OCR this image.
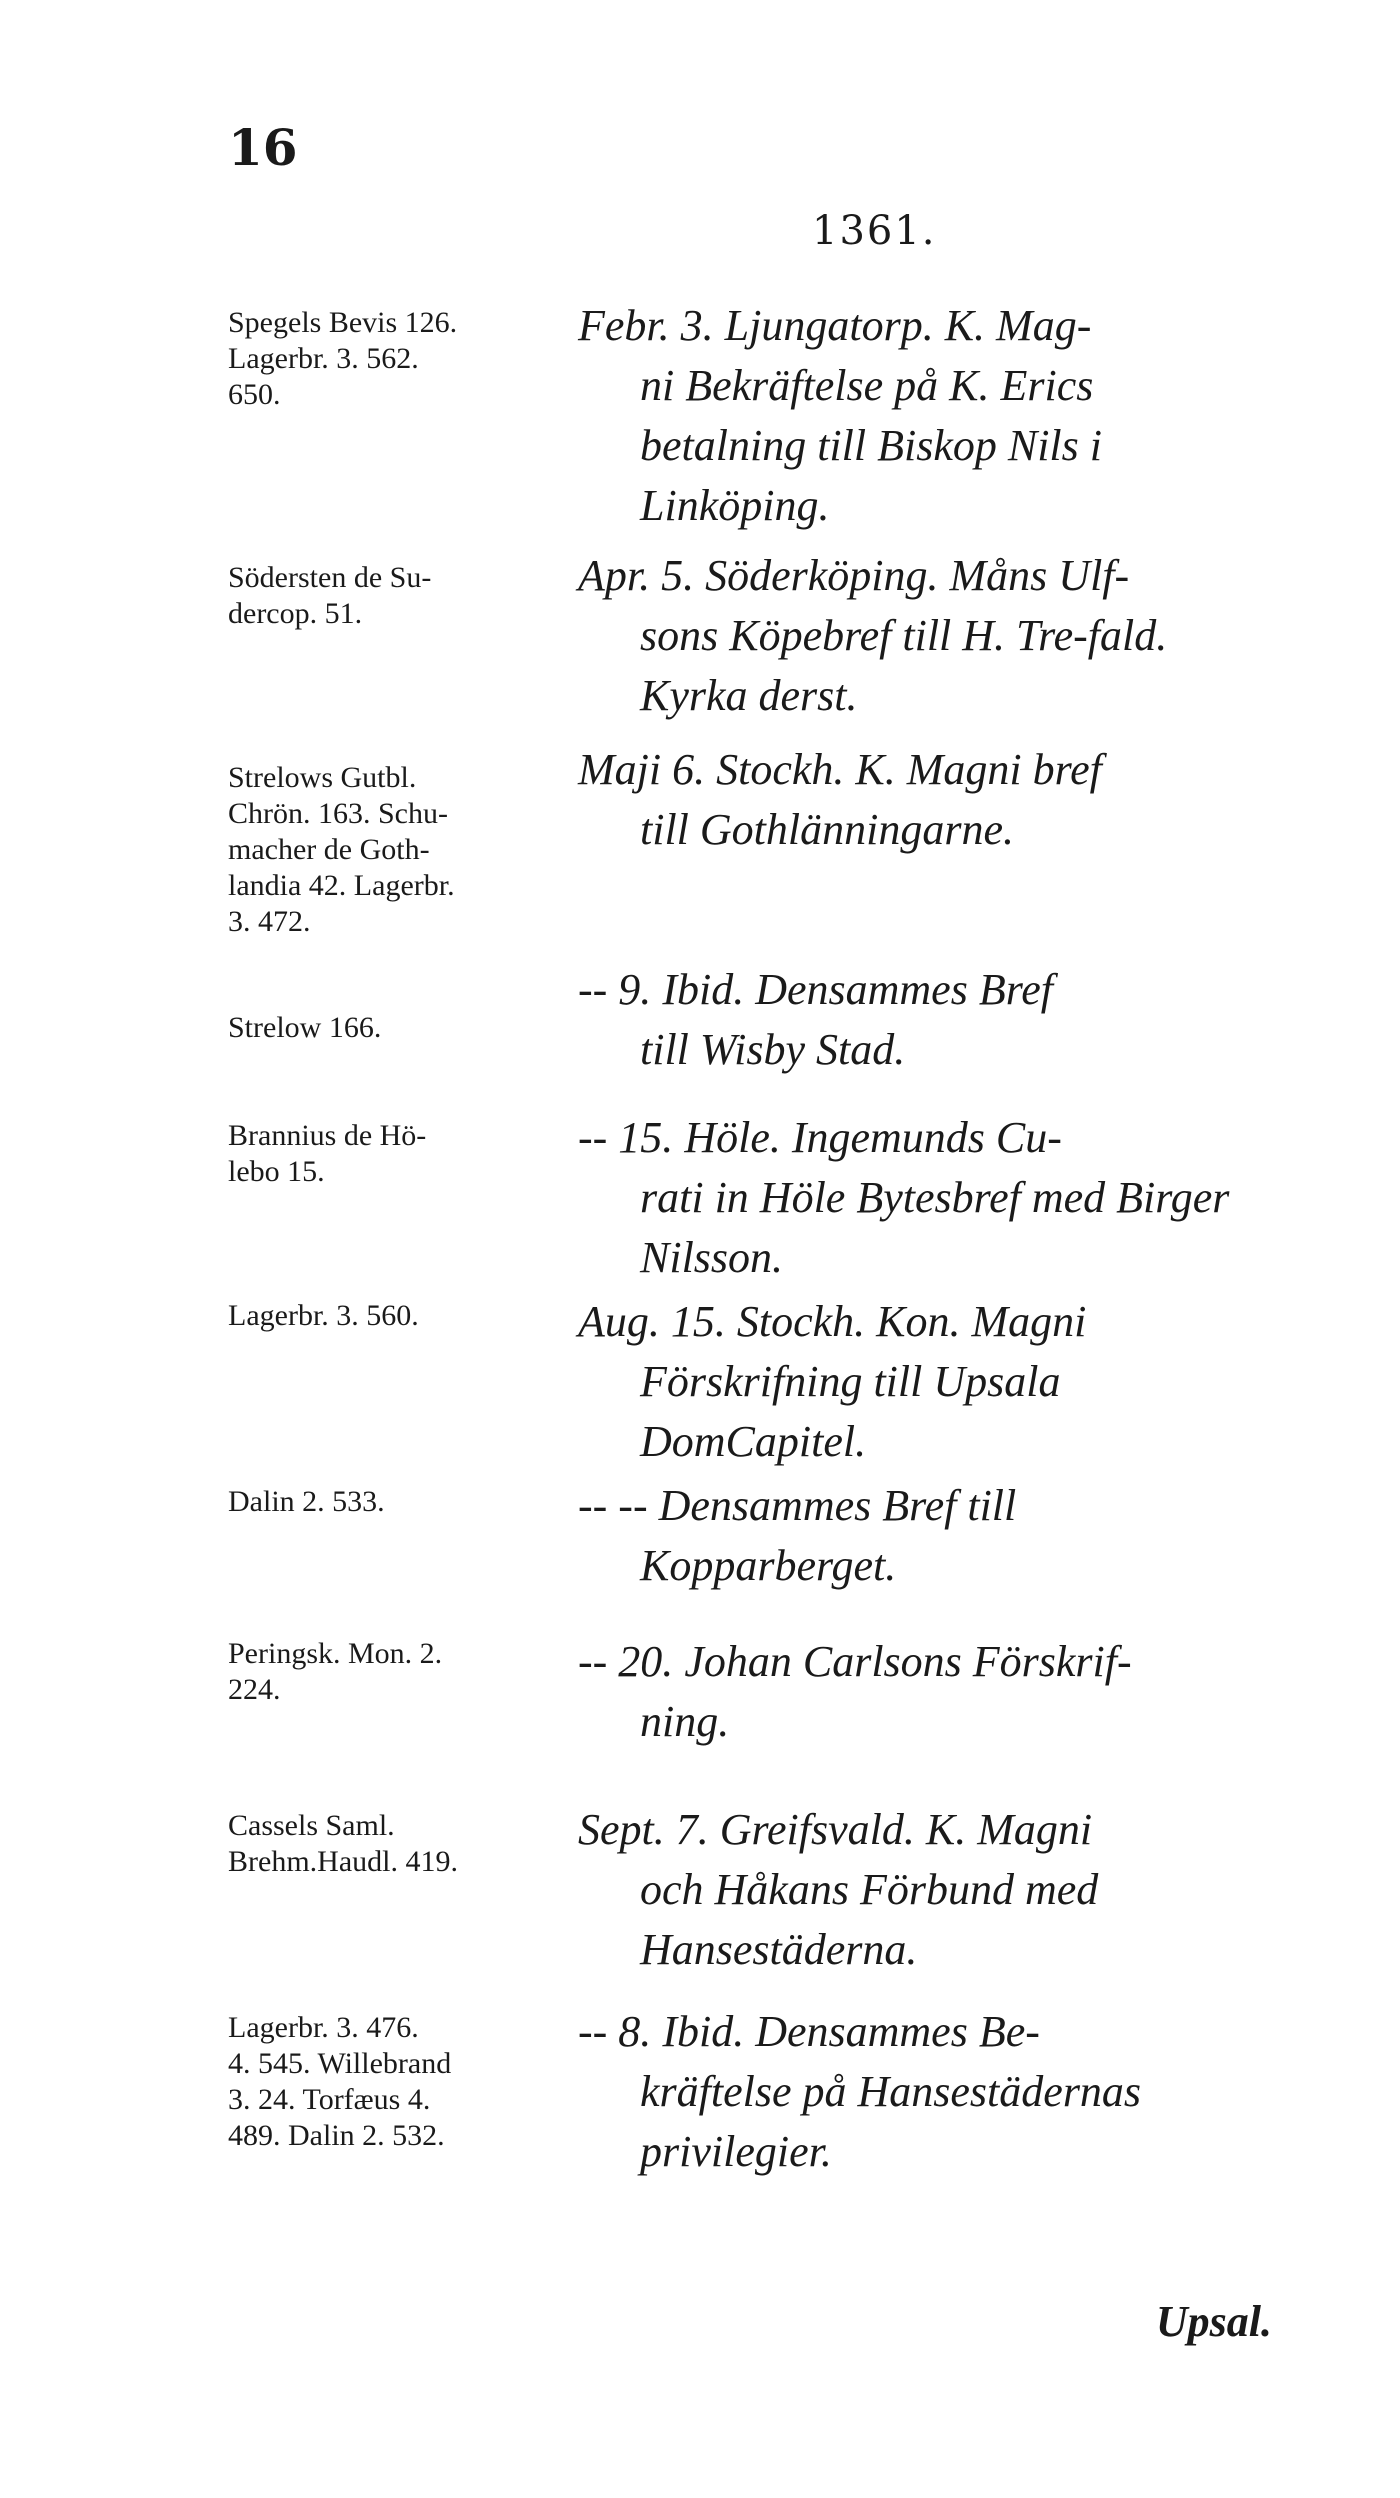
16
1361.
Spegels Bevis 126.
Lagerbr. 3. 562.
650.
Södersten de Su-
dercop. 51.
Strelows Gutbl.
Chrön. 163. Schu-
macher de Goth-
landia 42. Lagerbr.
3. 472.
Strelow 166.
Brannius de Hö-
lebo 15.
Lagerbr. 3. 560.
Dalin 2. 533.
Peringsk. Mon. 2.
224.
Cassels Saml.
Brehm.Haudl. 419.
Lagerbr. 3. 476.
4. 545. Willebrand
3. 24. Torfæus 4.
489. Dalin 2. 532.
Febr. 3. Ljungatorp. K. Mag-
ni Bekräftelse på K. Erics betalning till Biskop Nils i Linköping.
Apr. 5. Söderköping. Måns Ulf-
sons Köpebref till H. Tre-fald. Kyrka derst.
Maji 6. Stockh. K. Magni bref
till Gothlänningarne.
-- 9. Ibid. Densammes Bref
till Wisby Stad.
-- 15. Höle. Ingemunds Cu-
rati in Höle Bytesbref med Birger Nilsson.
Aug. 15. Stockh. Kon. Magni
Förskrifning till Upsala DomCapitel.
-- -- Densammes Bref till
Kopparberget.
-- 20. Johan Carlsons Förskrif-
ning.
Sept. 7. Greifsvald. K. Magni
och Håkans Förbund med Hansestäderna.
-- 8. Ibid. Densammes Be-
kräftelse på Hansestädernas privilegier.
Upsal.
